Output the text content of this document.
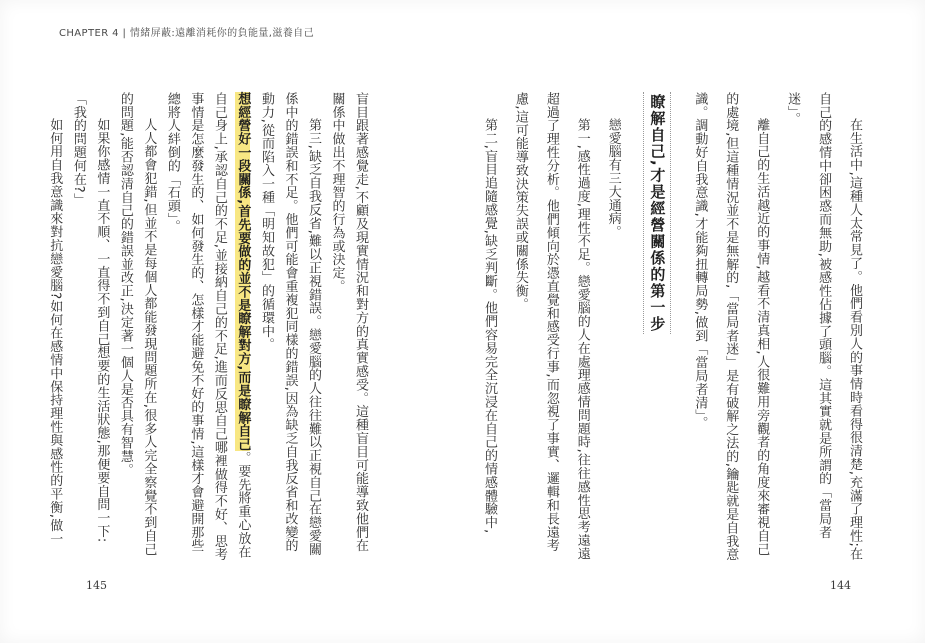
CHAPTER 4 | 情緒屏蔽:遠離消耗你的負能量,滋養自己

在生活中,這種人太常見了。他們看別人的事情時看得很清楚,充滿了理性;在自己的感情中卻困惑而無助,被感性佔據了頭腦。這其實就是所謂的「當局者迷」。

離自己的生活越近的事情,越看不清真相,人很難用旁觀者的角度來審視自己的處境,但這種情況並不是無解的,「當局者迷」是有破解之法的,鑰匙就是自我意識。調動好自我意識,才能夠扭轉局勢,做到「當局者清」。

瞭解自己,才是經營關係的第一步

戀愛腦有三大通病。

第一,感性過度,理性不足。戀愛腦的人在處理感情問題時,往往感性思考遠遠超過了理性分析。他們傾向於憑直覺和感受行事,而忽視了事實、邏輯和長遠考慮,這可能導致決策失誤或關係失衡。

第二,盲目追隨感覺,缺乏判斷。他們容易完全沉浸在自己的情感體驗中,

盲目跟著感覺走,不顧及現實情況和對方的真實感受。這種盲目可能導致他們在關係中做出不理智的行為或決定。

第三,缺乏自我反省,難以正視錯誤。戀愛腦的人往往難以正視自己在戀愛關係中的錯誤和不足。他們可能會重複犯同樣的錯誤,因為缺乏自我反省和改變的動力,從而陷入一種「明知故犯」的循環中。

想經營好一段關係,首先要做的並不是瞭解對方,而是瞭解自己。要先將重心放在自己身上,承認自己的不足,並接納自己的不足,進而反思自己哪裡做得不好、思考事情是怎麼發生的、如何發生的、怎樣才能避免不好的事情,這樣才會避開那些總將人絆倒的「石頭」。

人人都會犯錯,但並不是每個人都能發現問題所在,很多人完全察覺不到自己的問題,能否認清自己的錯誤並改正,決定著一個人是否具有智慧。

如果你感情一直不順、一直得不到自己想要的生活狀態,那便要自問一下:「我的問題何在?」

如何用自我意識來對抗戀愛腦?如何在感情中保持理性與感性的平衡,做一

144
145
